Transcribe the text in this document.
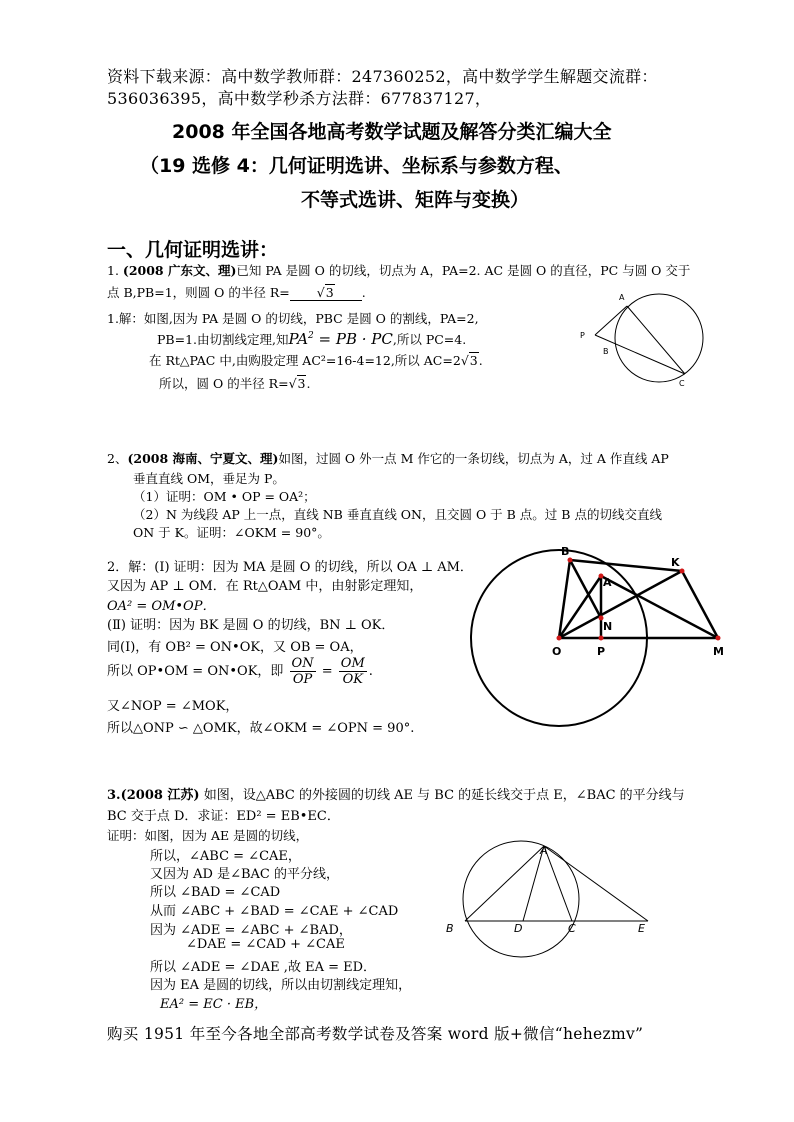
资料下载来源：高中数学教师群：247360252，高中数学学生解题交流群：
536036395，高中数学秒杀方法群：677837127，
2008 年全国各地高考数学试题及解答分类汇编大全
（19 选修 4：几何证明选讲、坐标系与参数方程、
不等式选讲、矩阵与变换）
一、几何证明选讲：
1. (2008 广东文、理)已知 PA 是圆 O 的切线，切点为 A，PA=2. AC 是圆 O 的直径，PC 与圆 O 交于
点 B,PB=1，则圆 O 的半径 R= √3 .
1.解：如图,因为 PA 是圆 O 的切线，PBC 是圆 O 的割线，PA=2,
PB=1.由切割线定理,知$PA^2$ = PB · PC,所以 PC=4.
在 Rt△PAC 中,由购股定理 AC²=16-4=12,所以 AC=2√3.
所以，圆 O 的半径 R=√3.
A
P
B
C
2、(2008 海南、宁夏文、理)如图，过圆 O 外一点 M 作它的一条切线，切点为 A，过 A 作直线 AP
垂直直线 OM，垂足为 P。
（1）证明：OM • OP = OA²；
（2）N 为线段 AP 上一点，直线 NB 垂直直线 ON，且交圆 O 于 B 点。过 B 点的切线交直线
ON 于 K。证明：∠OKM = 90°。
2．解：(Ⅰ) 证明：因为 MA 是圆 O 的切线，所以 OA ⊥ AM．
又因为 AP ⊥ OM．在 Rt△OAM 中，由射影定理知，
OA² = OM•OP．
(Ⅱ) 证明：因为 BK 是圆 O 的切线，BN ⊥ OK．
同(Ⅰ)，有 OB² = ON•OK，又 OB = OA，
所以 OP•OM = ON•OK，即 $\frac{ON}{OP} = \frac{OM}{OK}$ .
又∠NOP = ∠MOK，
所以△ONP ∽ △OMK，故∠OKM = ∠OPN = 90°.
B
K
A
N
O	P	M
3.(2008 江苏) 如图，设△ABC 的外接圆的切线 AE 与 BC 的延长线交于点 E，∠BAC 的平分线与
BC 交于点 D．求证：ED² = EB•EC．
证明：如图，因为 AE 是圆的切线，
所以，∠ABC = ∠CAE，
又因为 AD 是∠BAC 的平分线，
所以 ∠BAD = ∠CAD
从而 ∠ABC + ∠BAD = ∠CAE + ∠CAD
因为 ∠ADE = ∠ABC + ∠BAD，
∠DAE = ∠CAD + ∠CAE
所以 ∠ADE = ∠DAE ,故 EA = ED．
因为 EA 是圆的切线，所以由切割线定理知，
EA² = EC · EB，
A
B	D	C	E
购买 1951 年至今各地全部高考数学试卷及答案 word 版+微信“hehezmv”
